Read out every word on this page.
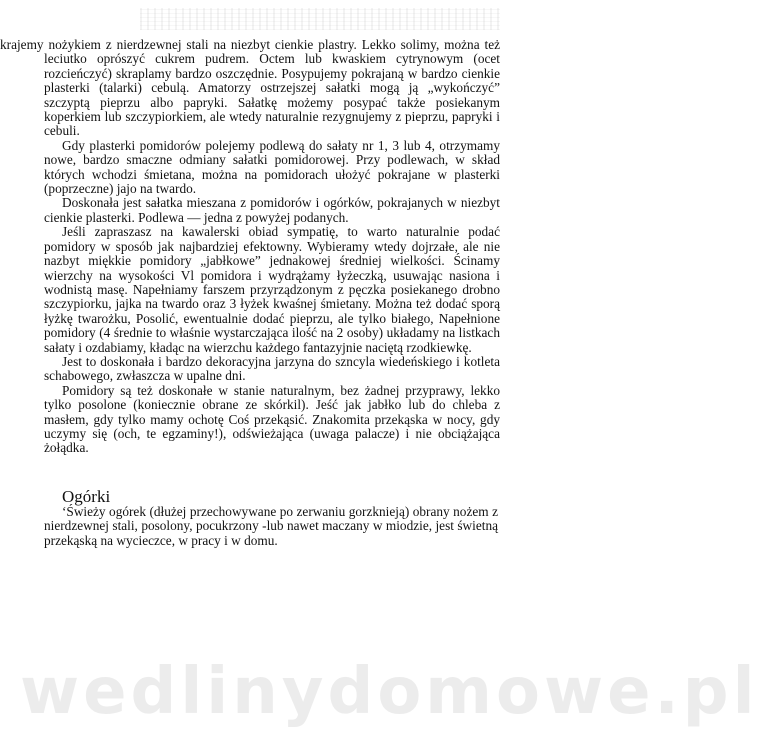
krajemy nożykiem z nierdzewnej stali na niezbyt cienkie plastry. Lekko solimy, można też leciutko oprószyć cukrem pudrem. Octem lub kwaskiem cytrynowym (ocet rozcieńczyć) skraplamy bardzo oszczędnie. Posypujemy pokrajaną w bardzo cienkie plasterki (talarki) cebulą. Amatorzy ostrzejszej sałatki mogą ją „wykończyć” szczyptą pieprzu albo papryki. Sałatkę możemy posypać także posiekanym koperkiem lub szczypiorkiem, ale wtedy naturalnie rezygnujemy z pieprzu, papryki i cebuli.

Gdy plasterki pomidorów polejemy podlewą do sałaty nr 1, 3 lub 4, otrzymamy nowe, bardzo smaczne odmiany sałatki pomidorowej. Przy podlewach, w skład których wchodzi śmietana, można na pomidorach ułożyć pokrajane w plasterki (poprzeczne) jajo na twardo.

Doskonała jest sałatka mieszana z pomidorów i ogórków, pokrajanych w niezbyt cienkie plasterki. Podlewa — jedna z powyżej podanych.

Jeśli zapraszasz na kawalerski obiad sympatię, to warto naturalnie podać pomidory w sposób jak najbardziej efektowny. Wybieramy wtedy dojrzałe, ale nie nazbyt miękkie pomidory „jabłkowe” jednakowej średniej wielkości. Ścinamy wierzchy na wysokości Vl pomidora i wydrążamy łyżeczką, usuwając nasiona i wodnistą masę. Napełniamy farszem przyrządzonym z pęczka posiekanego drobno szczypiorku, jajka na twardo oraz 3 łyżek kwaśnej śmietany. Można też dodać sporą łyżkę twarożku, Posolić, ewentualnie dodać pieprzu, ale tylko białego, Napełnione pomidory (4 średnie to właśnie wystarczająca ilość na 2 osoby) układamy na listkach sałaty i ozdabiamy, kładąc na wierzchu każdego fantazyjnie naciętą rzodkiewkę.

Jest to doskonała i bardzo dekoracyjna jarzyna do szncyla wiedeńskiego i kotleta schabowego, zwłaszcza w upalne dni.

Pomidory są też doskonałe w stanie naturalnym, bez żadnej przyprawy, lekko tylko posolone (koniecznie obrane ze skórkil). Jeść jak jabłko lub do chleba z masłem, gdy tylko mamy ochotę Coś przekąsić. Znakomita przekąska w nocy, gdy uczymy się (och, te egzaminy!), odświeżająca (uwaga palacze) i nie obciążająca żołądka.

Ogórki

‘Świeży ogórek (dłużej przechowywane po zerwaniu gorzknieją) obrany nożem z nierdzewnej stali, posolony, pocukrzony -lub nawet maczany w miodzie, jest świetną przekąską na wycieczce, w pracy i w domu.

wedlinydomowe.pl
